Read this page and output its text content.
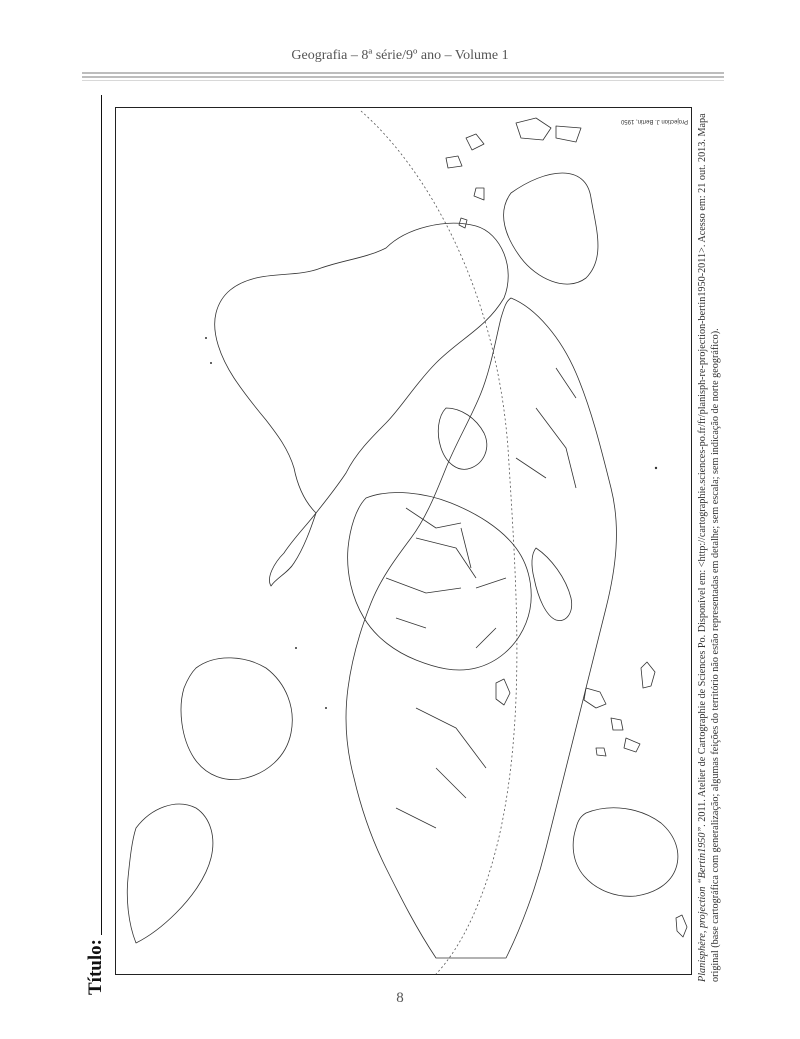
Geografia – 8ª série/9º ano – Volume 1
Título:
Projection J. Bertin, 1950
Planisphère, projection “Bertin1950”. 2011. Atelier de Cartographie de Sciences Po. Disponível em: <http://cartographie.sciences-po.fr/fr/planisph-re-projection-bertin1950-2011>. Acesso em: 21 out. 2013. Mapa original (base cartográfica com generalização; algumas feições do território não estão representadas em detalhe; sem escala; sem indicação de norte geográfico).
8
